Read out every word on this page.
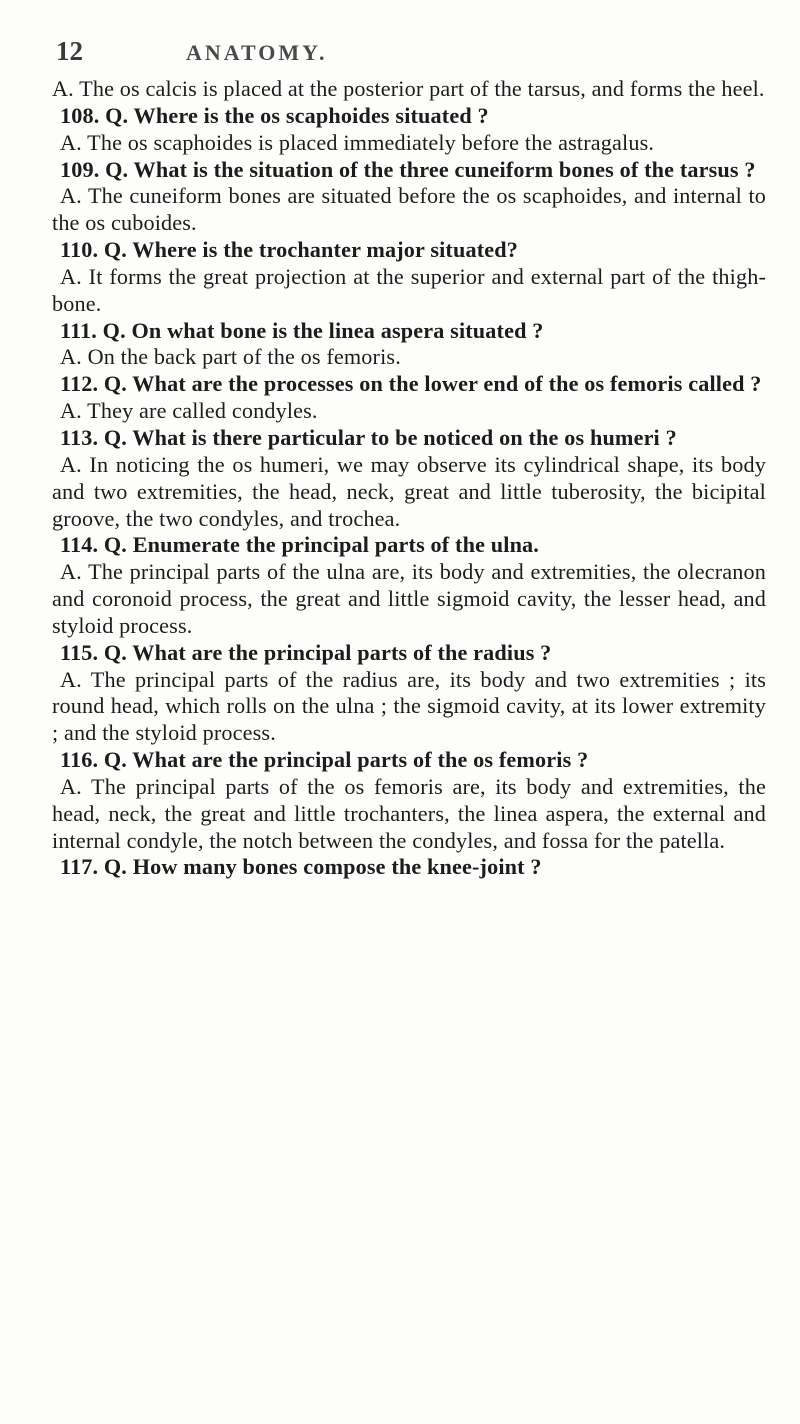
12	ANATOMY.

A. The os calcis is placed at the posterior part of the tarsus, and forms the heel.

108. Q. Where is the os scaphoides situated ?

A. The os scaphoides is placed immediately before the astragalus.

109. Q. What is the situation of the three cuneiform bones of the tarsus ?

A. The cuneiform bones are situated before the os scaphoides, and internal to the os cuboides.

110. Q. Where is the trochanter major situated?

A. It forms the great projection at the superior and external part of the thigh-bone.

111. Q. On what bone is the linea aspera situated ?

A. On the back part of the os femoris.

112. Q. What are the processes on the lower end of the os femoris called ?

A. They are called condyles.

113. Q. What is there particular to be noticed on the os humeri ?

A. In noticing the os humeri, we may observe its cylindrical shape, its body and two extremities, the head, neck, great and little tuberosity, the bicipital groove, the two condyles, and trochea.

114. Q. Enumerate the principal parts of the ulna.

A. The principal parts of the ulna are, its body and extremities, the olecranon and coronoid process, the great and little sigmoid cavity, the lesser head, and styloid process.

115. Q. What are the principal parts of the radius ?

A. The principal parts of the radius are, its body and two extremities ; its round head, which rolls on the ulna ; the sigmoid cavity, at its lower extremity ; and the styloid process.

116. Q. What are the principal parts of the os femoris ?

A. The principal parts of the os femoris are, its body and extremities, the head, neck, the great and little trochanters, the linea aspera, the external and internal condyle, the notch between the condyles, and fossa for the patella.

117. Q. How many bones compose the knee-joint ?
